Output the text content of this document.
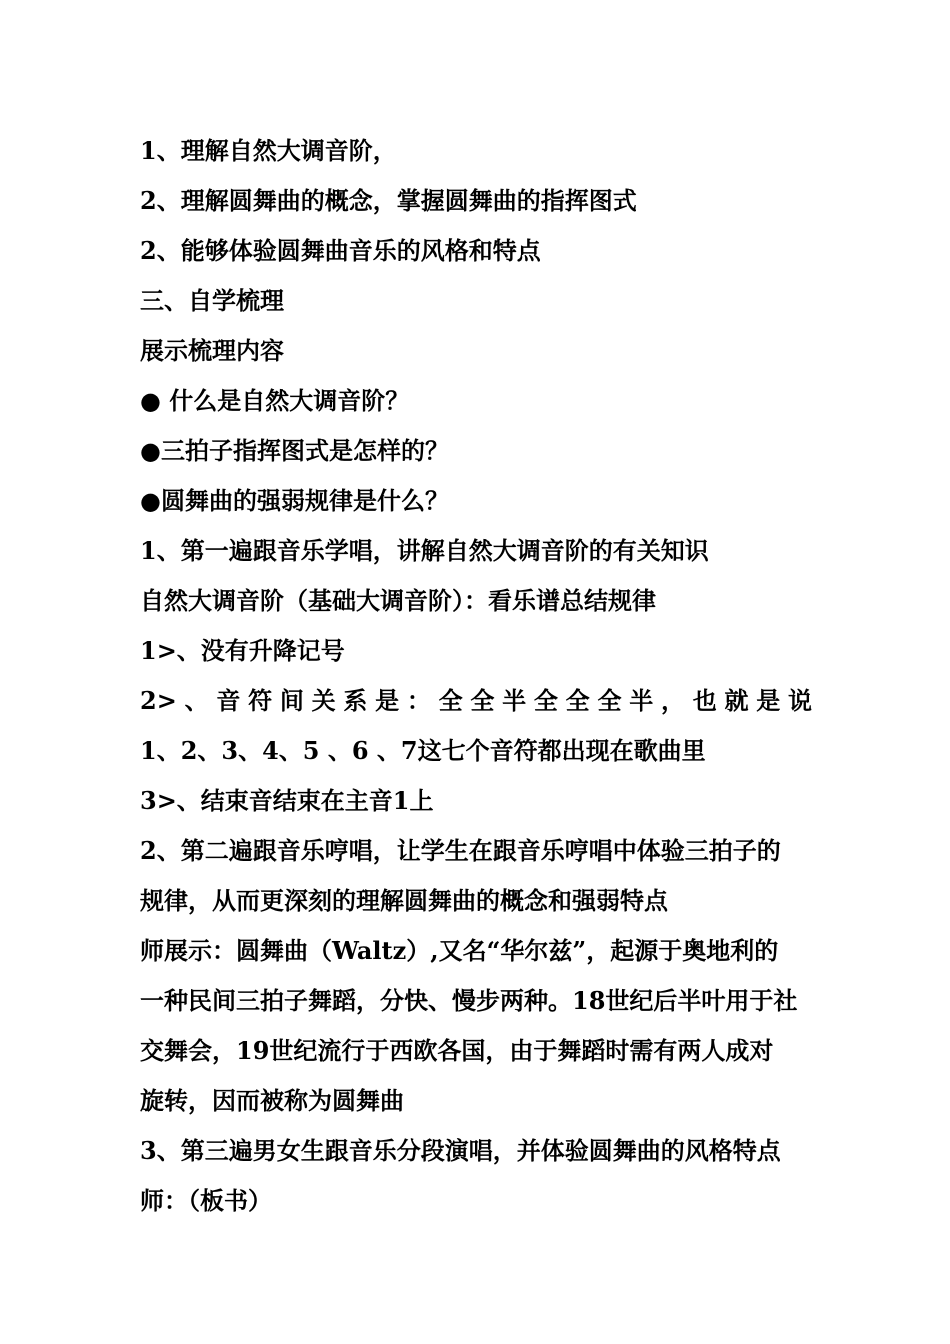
1、理解自然大调音阶，
2、理解圆舞曲的概念，掌握圆舞曲的指挥图式
2、能够体验圆舞曲音乐的风格和特点
三、自学梳理
展示梳理内容
● 什么是自然大调音阶？
●三拍子指挥图式是怎样的？
●圆舞曲的强弱规律是什么？
1、第一遍跟音乐学唱，讲解自然大调音阶的有关知识
自然大调音阶（基础大调音阶）：看乐谱总结规律
1>、没有升降记号
2>、音符间关系是：全全半全全全半，也就是说
1、2、3、4、5 、6 、7这七个音符都出现在歌曲里
3>、结束音结束在主音1上
2、第二遍跟音乐哼唱，让学生在跟音乐哼唱中体验三拍子的
规律，从而更深刻的理解圆舞曲的概念和强弱特点
师展示：圆舞曲（Waltz）,又名“华尔兹”，起源于奥地利的
一种民间三拍子舞蹈，分快、慢步两种。18世纪后半叶用于社
交舞会，19世纪流行于西欧各国，由于舞蹈时需有两人成对
旋转，因而被称为圆舞曲
3、第三遍男女生跟音乐分段演唱，并体验圆舞曲的风格特点
师：（板书）
